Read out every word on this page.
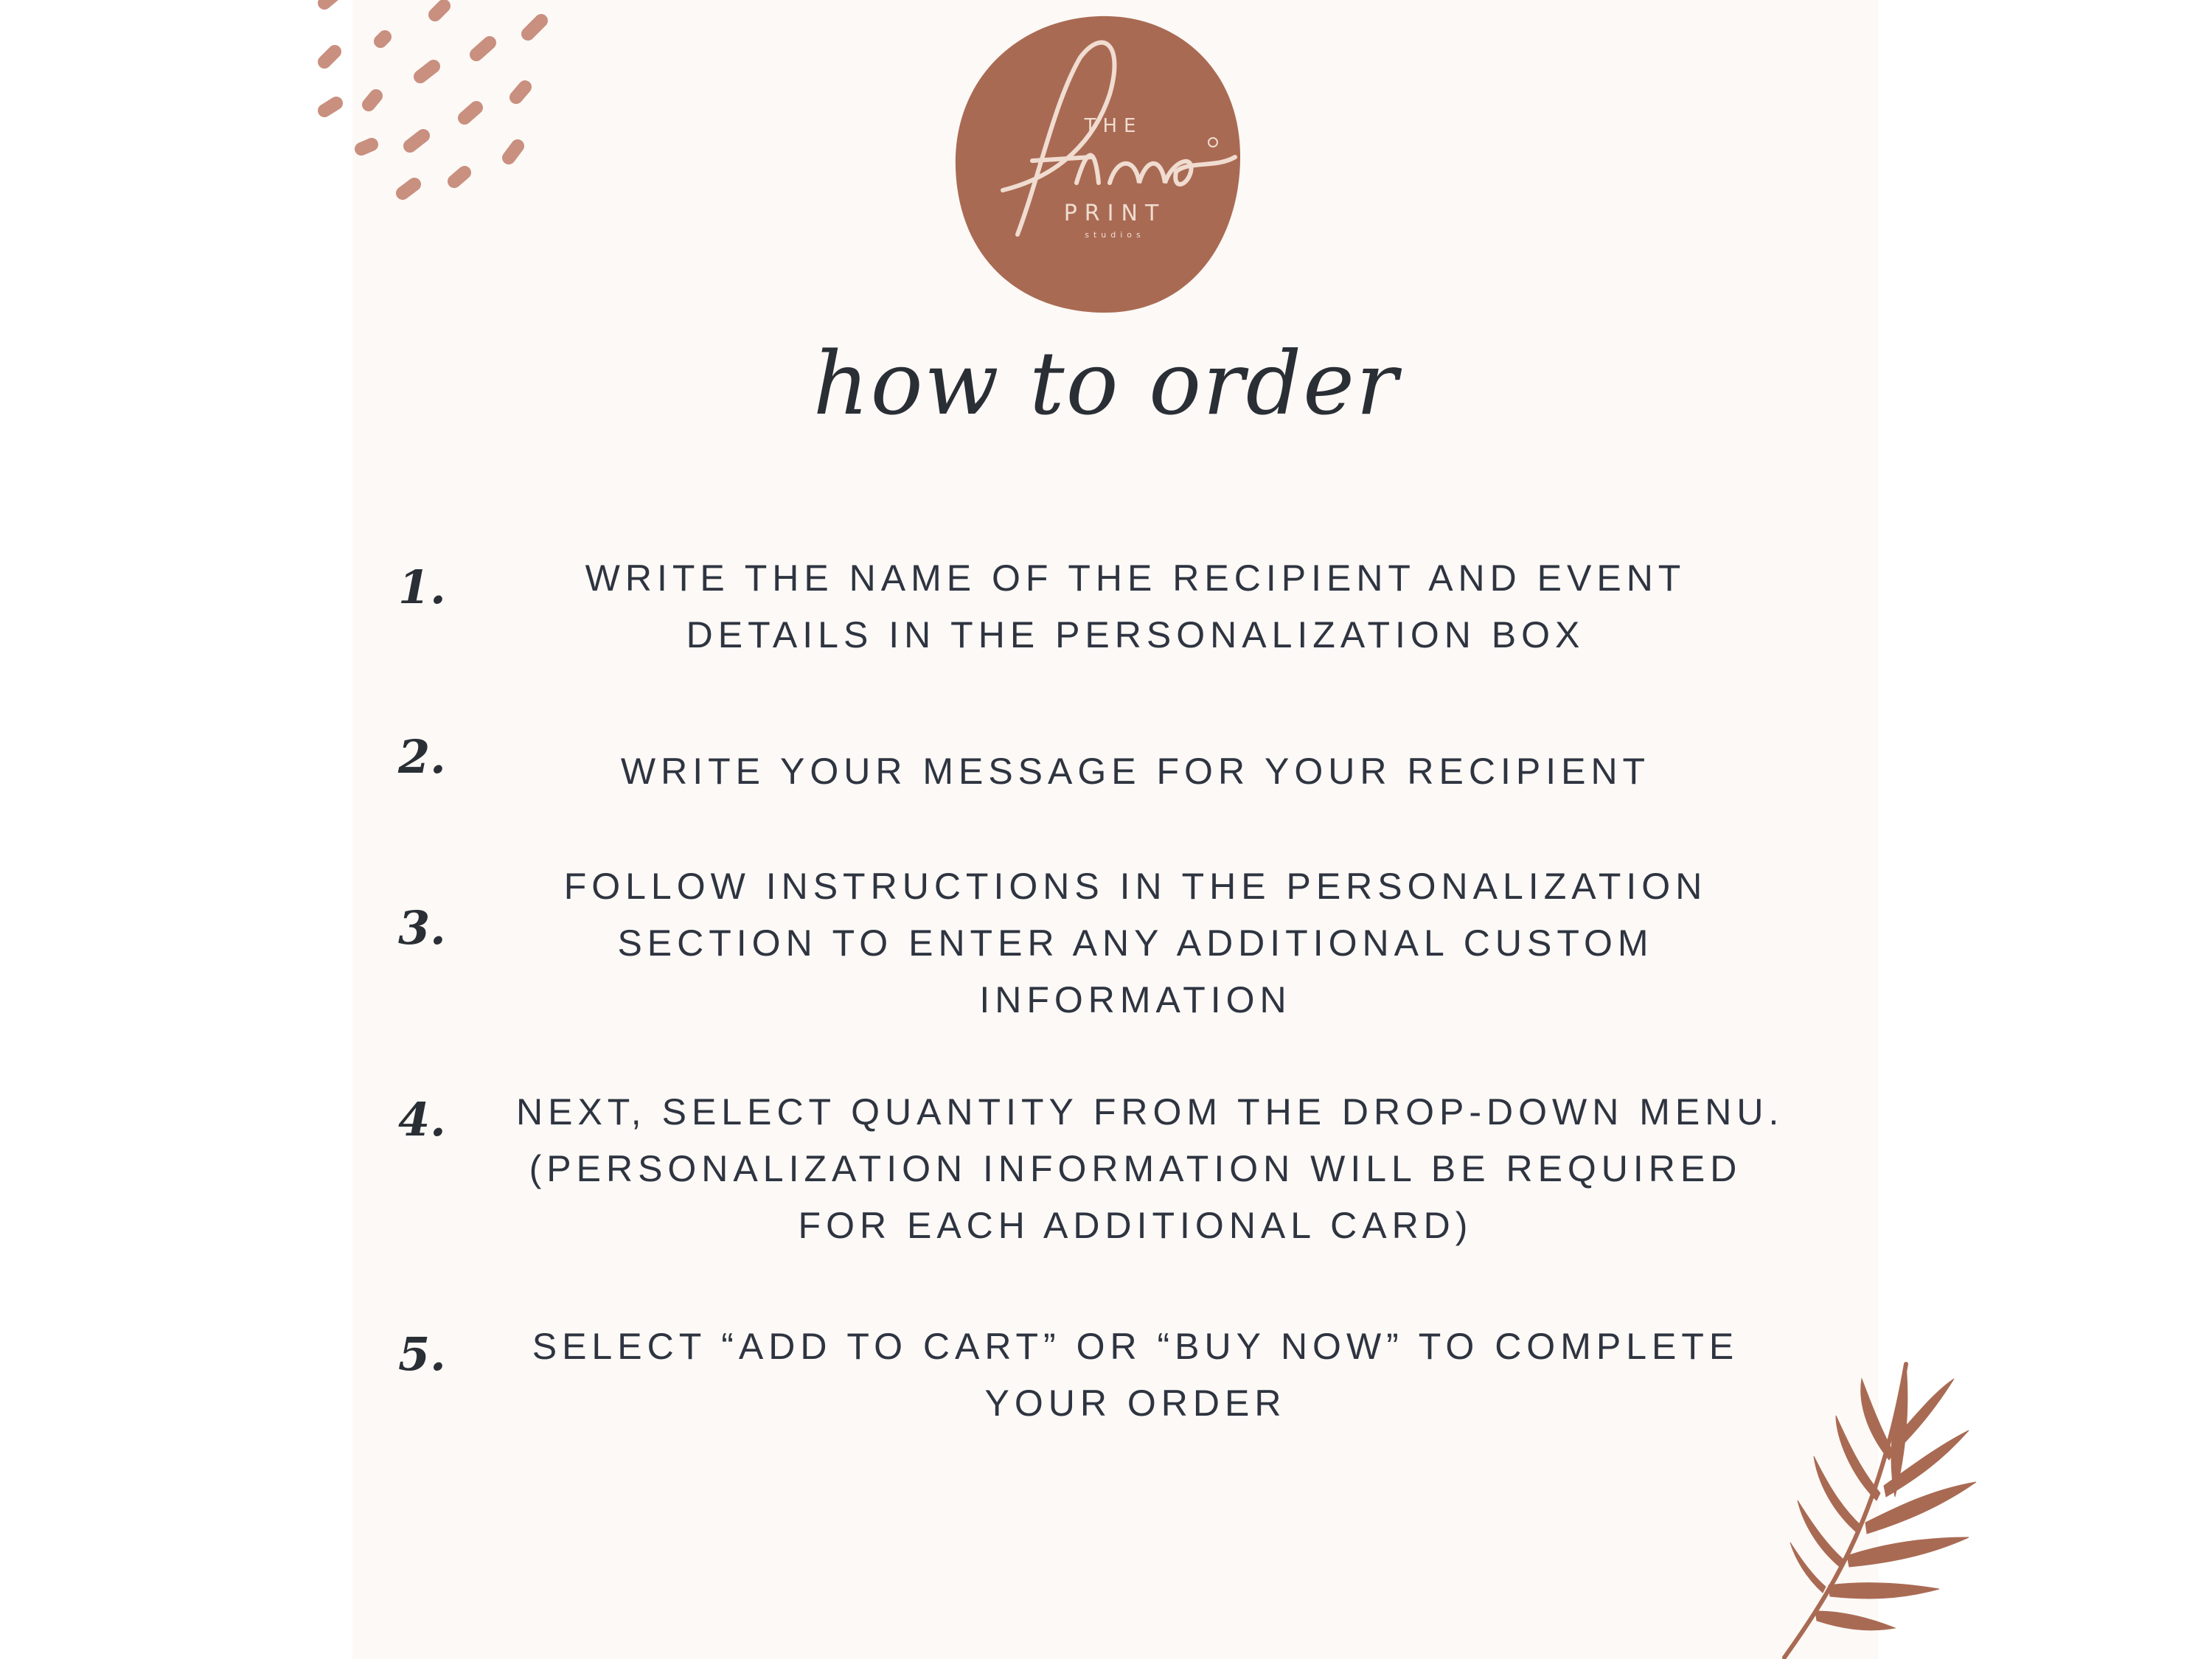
THE
PRINT
studios
how to order
1.	WRITE THE NAME OF THE RECIPIENT AND EVENT
DETAILS IN THE PERSONALIZATION BOX
2.	WRITE YOUR MESSAGE FOR YOUR RECIPIENT
3.
FOLLOW INSTRUCTIONS IN THE PERSONALIZATION
SECTION TO ENTER ANY ADDITIONAL CUSTOM
INFORMATION
4.	NEXT, SELECT QUANTITY FROM THE DROP-DOWN MENU.
(PERSONALIZATION INFORMATION WILL BE REQUIRED
FOR EACH ADDITIONAL CARD)
5.	SELECT “ADD TO CART” OR “BUY NOW” TO COMPLETE
YOUR ORDER
